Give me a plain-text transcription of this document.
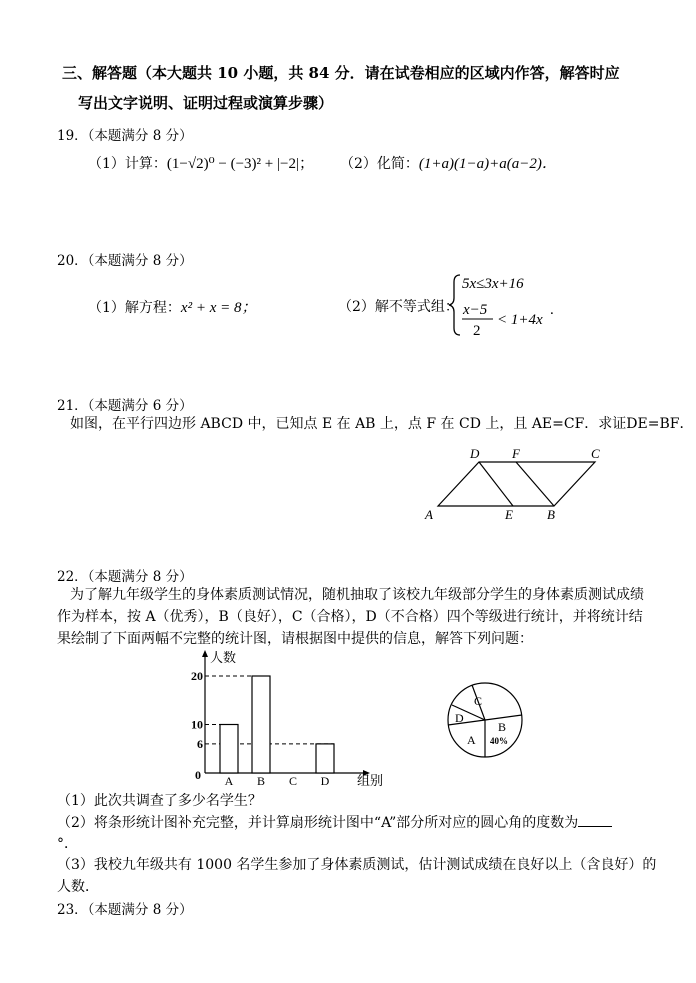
三、解答题（本大题共 10 小题，共 84 分．请在试卷相应的区域内作答，解答时应
写出文字说明、证明过程或演算步骤）
19．（本题满分 8 分）
（1）计算：(1−√2)⁰ − (−3)² + |−2|； （2）化简：(1+a)(1−a)+a(a−2)．
20．（本题满分 8 分）
（1）解方程：x² + x = 8；	（2）解不等式组：
5x≤3x+16
x−5
2
< 1+4x
.
21．（本题满分 6 分）
如图，在平行四边形 ABCD 中，已知点 E 在 AB 上，点 F 在 CD 上，且 AE=CF．求证DE=BF．
D	F	C
A	E	B
22．（本题满分 8 分）
为了解九年级学生的身体素质测试情况，随机抽取了该校九年级部分学生的身体素质测试成绩
作为样本，按 A（优秀），B（良好），C（合格），D（不合格）四个等级进行统计，并将统计结
果绘制了下面两幅不完整的统计图，请根据图中提供的信息，解答下列问题：
人数
组别
0
6
10
20
A B C D
C
D
A
B
40%
（1）此次共调查了多少名学生？
（2）将条形统计图补充完整，并计算扇形统计图中“A”部分所对应的圆心角的度数为
°．
（3）我校九年级共有 1000 名学生参加了身体素质测试，估计测试成绩在良好以上（含良好）的
人数．
23．（本题满分 8 分）
